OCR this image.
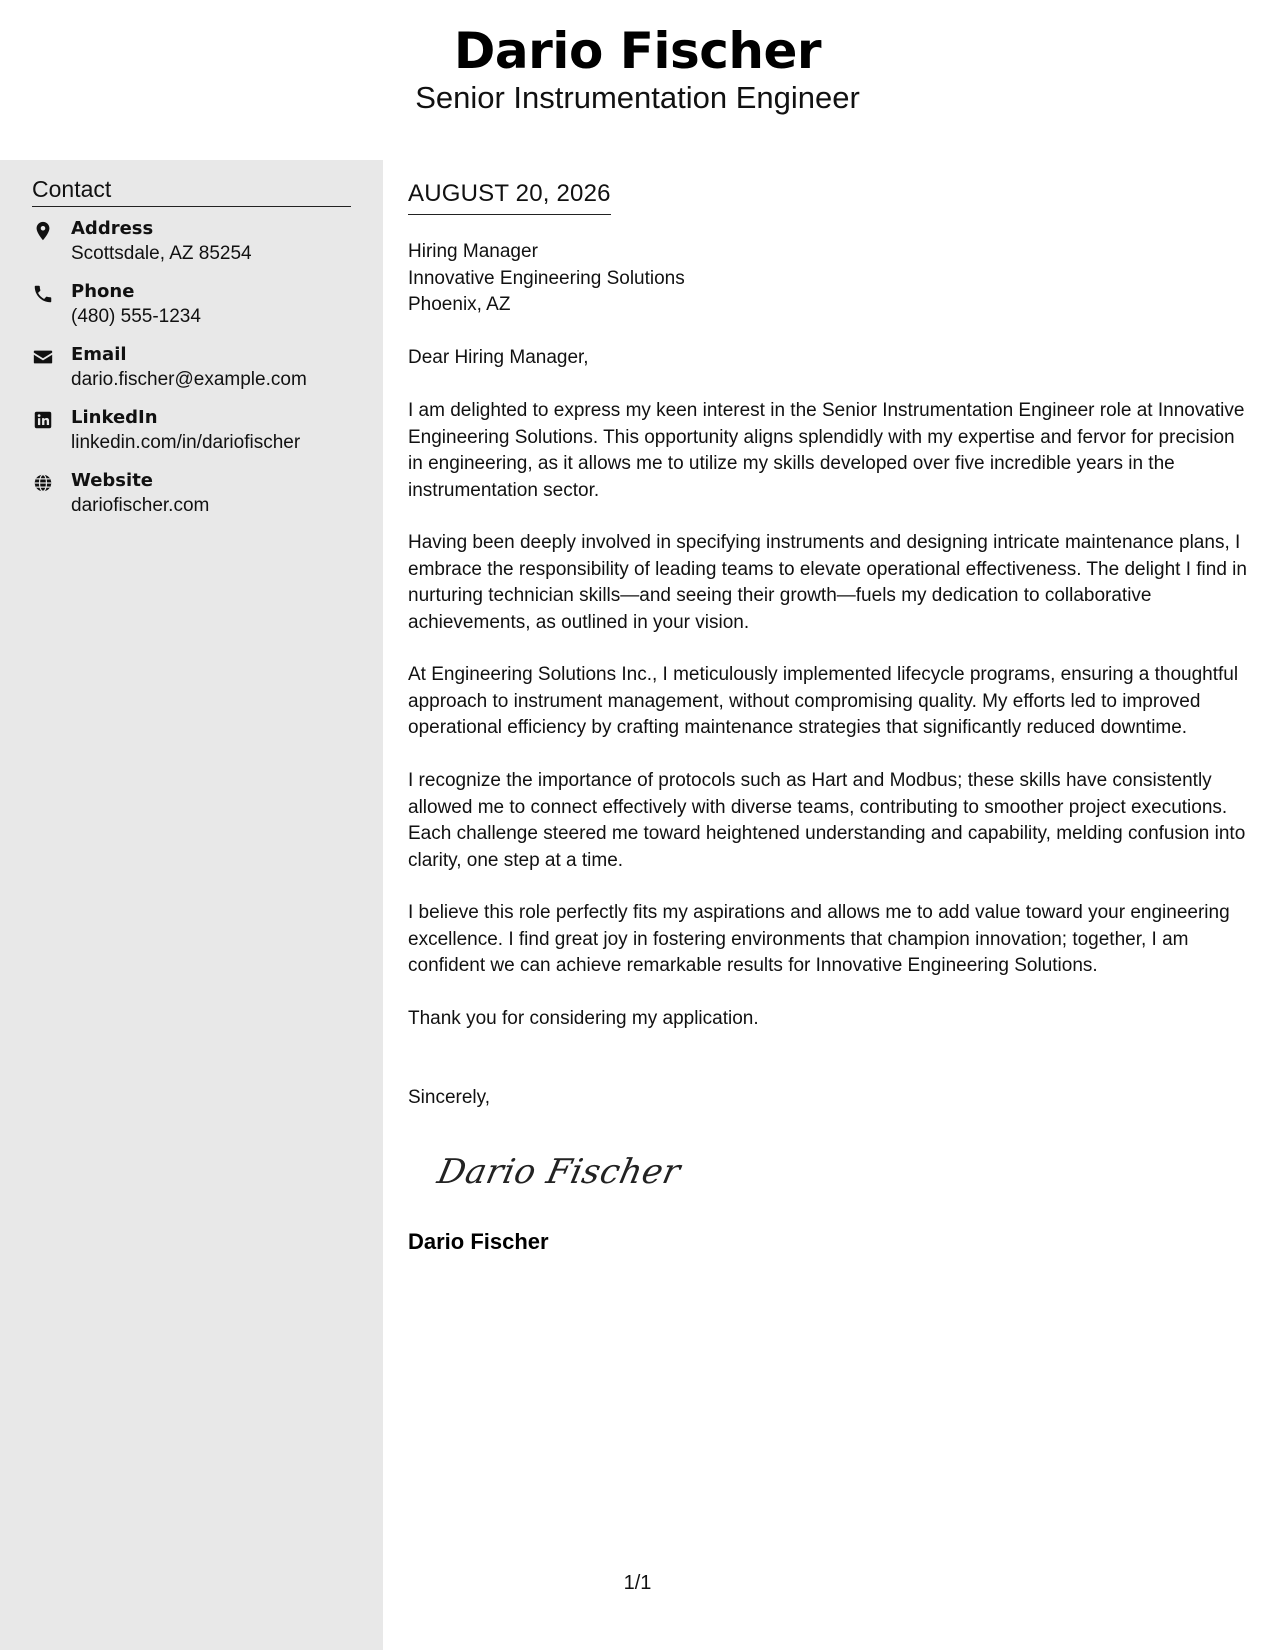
Dario Fischer
Senior Instrumentation Engineer
Contact
Address
Scottsdale, AZ 85254
Phone
(480) 555-1234
Email
dario.fischer@example.com
LinkedIn
linkedin.com/in/dariofischer
Website
dariofischer.com
AUGUST 20, 2026
Hiring Manager
Innovative Engineering Solutions
Phoenix, AZ

Dear Hiring Manager,

I am delighted to express my keen interest in the Senior Instrumentation Engineer role at Innovative Engineering Solutions. This opportunity aligns splendidly with my expertise and fervor for precision in engineering, as it allows me to utilize my skills developed over five incredible years in the instrumentation sector.

Having been deeply involved in specifying instruments and designing intricate maintenance plans, I embrace the responsibility of leading teams to elevate operational effectiveness. The delight I find in nurturing technician skills—and seeing their growth—fuels my dedication to collaborative achievements, as outlined in your vision.

At Engineering Solutions Inc., I meticulously implemented lifecycle programs, ensuring a thoughtful approach to instrument management, without compromising quality. My efforts led to improved operational efficiency by crafting maintenance strategies that significantly reduced downtime.

I recognize the importance of protocols such as Hart and Modbus; these skills have consistently allowed me to connect effectively with diverse teams, contributing to smoother project executions. Each challenge steered me toward heightened understanding and capability, melding confusion into clarity, one step at a time.

I believe this role perfectly fits my aspirations and allows me to add value toward your engineering excellence. I find great joy in fostering environments that champion innovation; together, I am confident we can achieve remarkable results for Innovative Engineering Solutions.

Thank you for considering my application.

Sincerely,

Dario Fischer
Dario Fischer
1/1
